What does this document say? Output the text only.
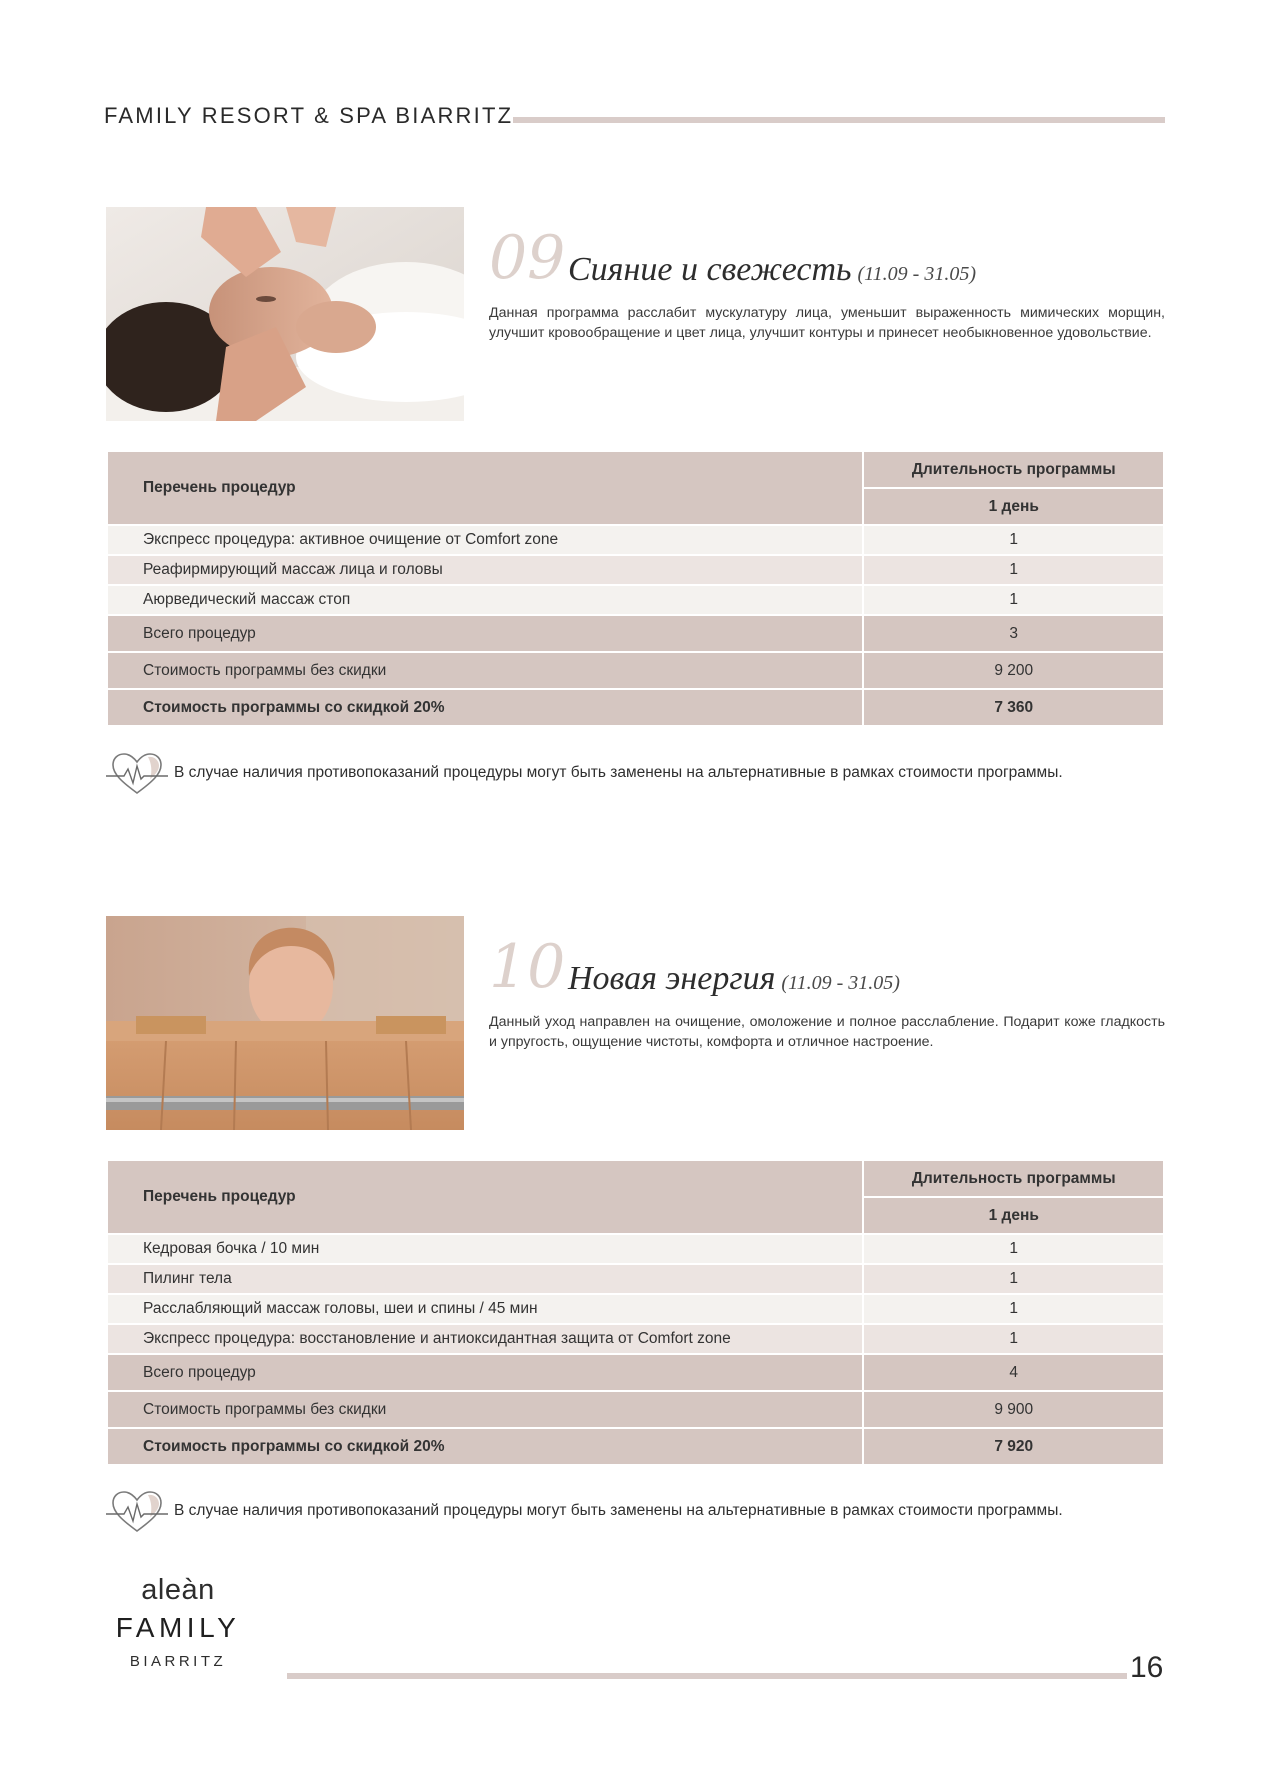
FAMILY RESORT & SPA BIARRITZ
09 Сияние и свежесть (11.09 - 31.05)
Данная программа расслабит мускулатуру лица, уменьшит выраженность мимических морщин, улучшит кровообращение и цвет лица, улучшит контуры и принесет необыкновенное удовольствие.
Перечень процедур	Длительность программы
	1 день
Экспресс процедура: активное очищение от Comfort zone	1
Реафирмирующий массаж лица и головы	1
Аюрведический массаж стоп	1
Всего процедур	3
Стоимость программы без скидки	9 200
Стоимость программы со скидкой 20%	7 360
В случае наличия противопоказаний процедуры могут быть заменены на альтернативные в рамках стоимости программы.
10 Новая энергия (11.09 - 31.05)
Данный уход направлен на очищение, омоложение и полное расслабление. Подарит коже гладкость и упругость, ощущение чистоты, комфорта и отличное настроение.
Перечень процедур	Длительность программы
	1 день
Кедровая бочка / 10 мин	1
Пилинг тела	1
Расслабляющий массаж головы, шеи и спины / 45 мин	1
Экспресс процедура: восстановление и антиоксидантная защита от Comfort zone	1
Всего процедур	4
Стоимость программы без скидки	9 900
Стоимость программы со скидкой 20%	7 920
В случае наличия противопоказаний процедуры могут быть заменены на альтернативные в рамках стоимости программы.
aleàn
FAMILY
BIARRITZ	16
